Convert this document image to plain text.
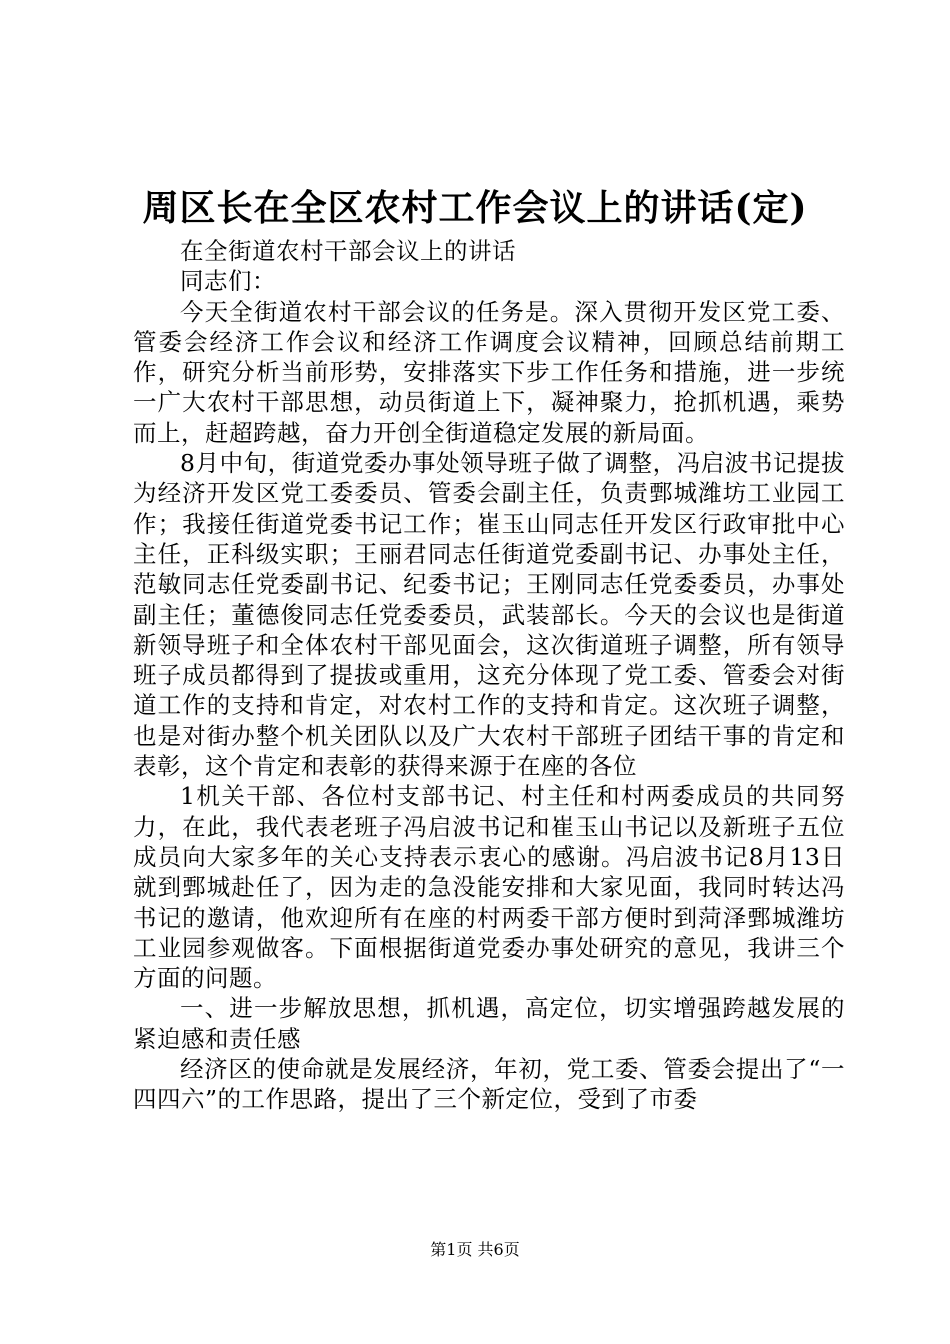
周区长在全区农村工作会议上的讲话(定)

在全街道农村干部会议上的讲话

同志们：

今天全街道农村干部会议的任务是。深入贯彻开发区党工委、管委会经济工作会议和经济工作调度会议精神，回顾总结前期工作，研究分析当前形势，安排落实下步工作任务和措施，进一步统一广大农村干部思想，动员街道上下，凝神聚力，抢抓机遇，乘势而上，赶超跨越，奋力开创全街道稳定发展的新局面。

8月中旬，街道党委办事处领导班子做了调整，冯启波书记提拔为经济开发区党工委委员、管委会副主任，负责鄄城潍坊工业园工作；我接任街道党委书记工作；崔玉山同志任开发区行政审批中心主任，正科级实职；王丽君同志任街道党委副书记、办事处主任，范敏同志任党委副书记、纪委书记；王刚同志任党委委员，办事处副主任；董德俊同志任党委委员，武装部长。今天的会议也是街道新领导班子和全体农村干部见面会，这次街道班子调整，所有领导班子成员都得到了提拔或重用，这充分体现了党工委、管委会对街道工作的支持和肯定，对农村工作的支持和肯定。这次班子调整，也是对街办整个机关团队以及广大农村干部班子团结干事的肯定和表彰，这个肯定和表彰的获得来源于在座的各位

1机关干部、各位村支部书记、村主任和村两委成员的共同努力，在此，我代表老班子冯启波书记和崔玉山书记以及新班子五位成员向大家多年的关心支持表示衷心的感谢。冯启波书记8月13日就到鄄城赴任了，因为走的急没能安排和大家见面，我同时转达冯书记的邀请，他欢迎所有在座的村两委干部方便时到菏泽鄄城潍坊工业园参观做客。下面根据街道党委办事处研究的意见，我讲三个方面的问题。

一、进一步解放思想，抓机遇，高定位，切实增强跨越发展的紧迫感和责任感

经济区的使命就是发展经济，年初，党工委、管委会提出了“一四四六”的工作思路，提出了三个新定位，受到了市委

第1页 共6页
